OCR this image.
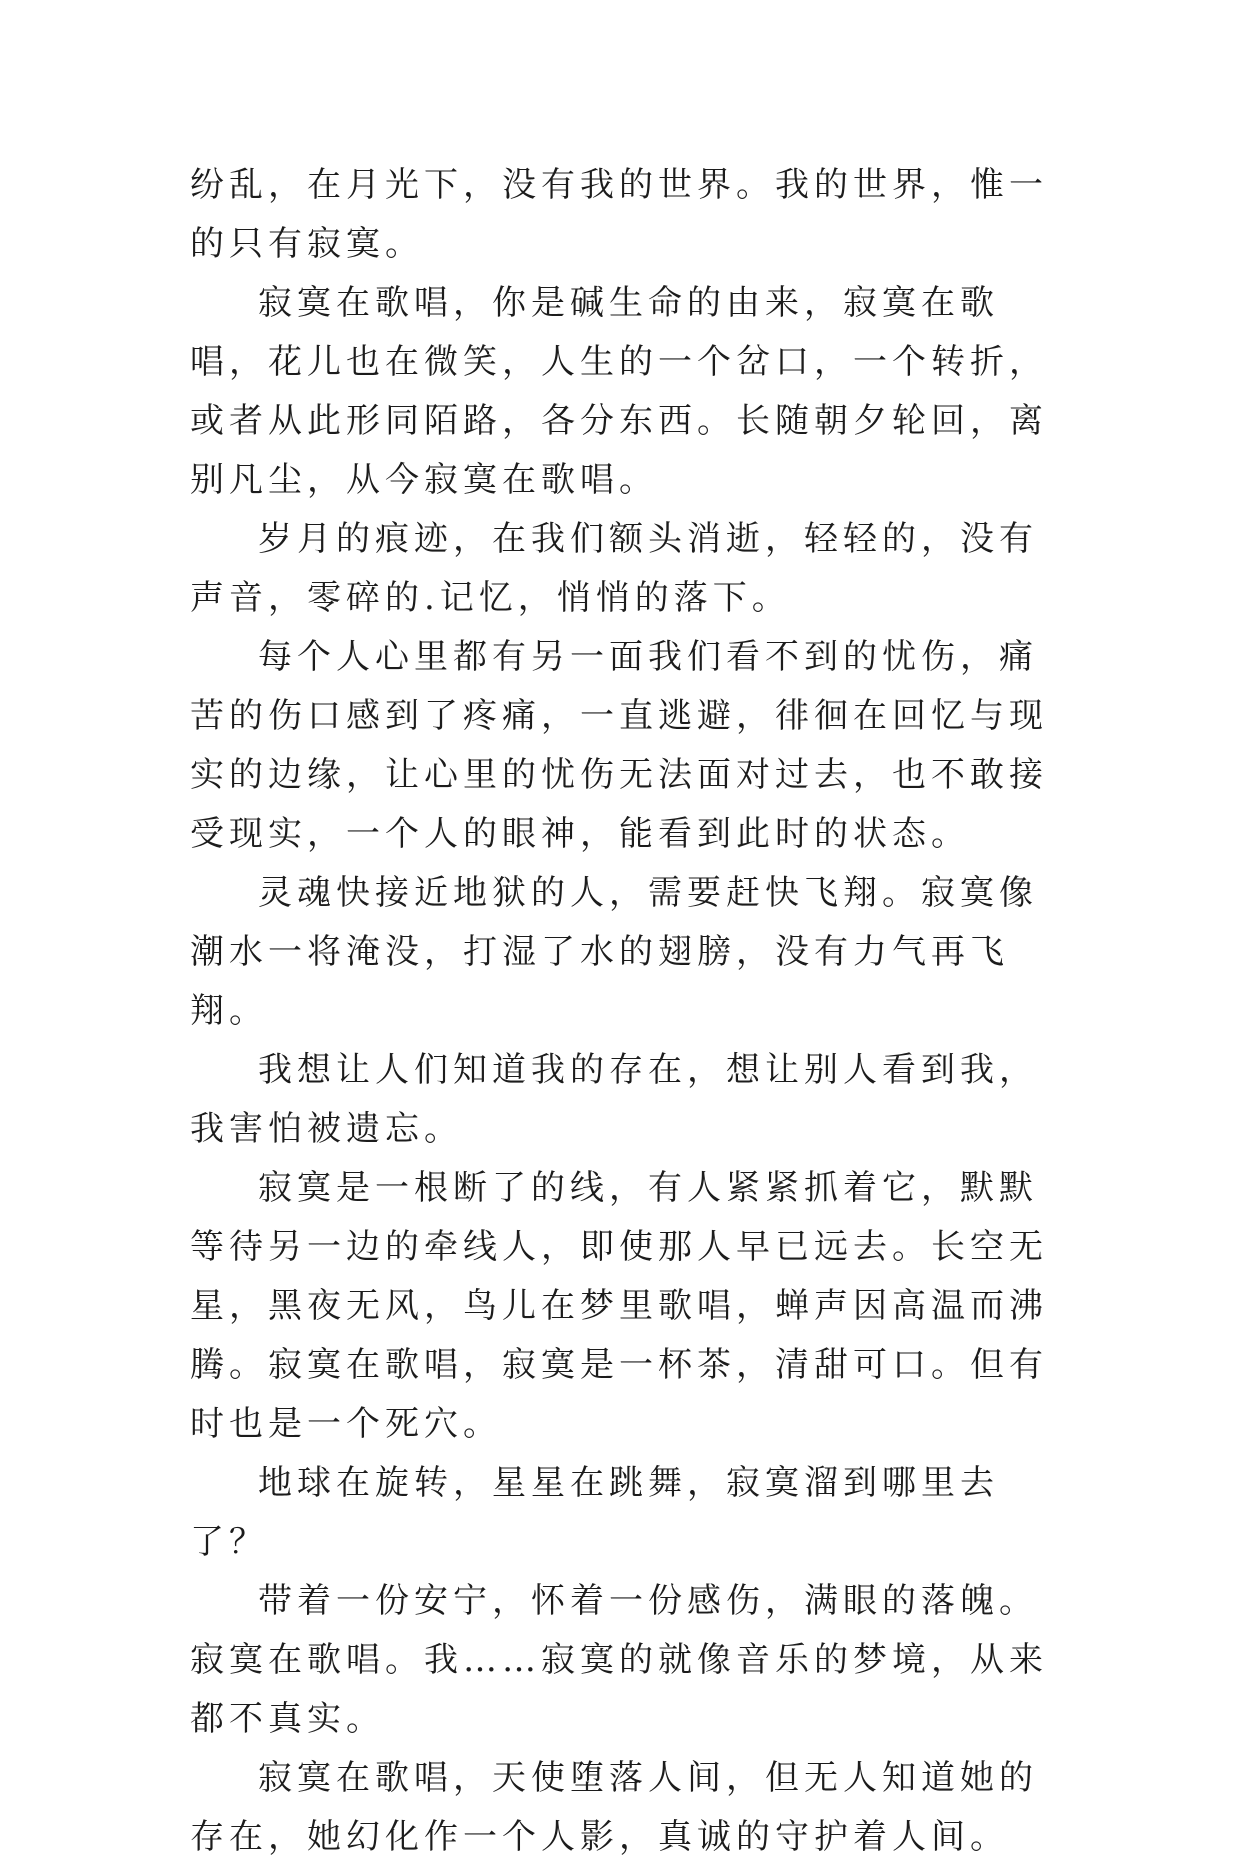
纷乱，在月光下，没有我的世界。我的世界，惟一的只有寂寞。

寂寞在歌唱，你是碱生命的由来，寂寞在歌唱，花儿也在微笑，人生的一个岔口，一个转折，或者从此形同陌路，各分东西。长随朝夕轮回，离别凡尘，从今寂寞在歌唱。

岁月的痕迹，在我们额头消逝，轻轻的，没有声音，零碎的.记忆，悄悄的落下。

每个人心里都有另一面我们看不到的忧伤，痛苦的伤口感到了疼痛，一直逃避，徘徊在回忆与现实的边缘，让心里的忧伤无法面对过去，也不敢接受现实，一个人的眼神，能看到此时的状态。

灵魂快接近地狱的人，需要赶快飞翔。寂寞像潮水一将淹没，打湿了水的翅膀，没有力气再飞翔。

我想让人们知道我的存在，想让别人看到我，我害怕被遗忘。

寂寞是一根断了的线，有人紧紧抓着它，默默等待另一边的牵线人，即使那人早已远去。长空无星，黑夜无风，鸟儿在梦里歌唱，蝉声因高温而沸腾。寂寞在歌唱，寂寞是一杯茶，清甜可口。但有时也是一个死穴。

地球在旋转，星星在跳舞，寂寞溜到哪里去了？

带着一份安宁，怀着一份感伤，满眼的落魄。寂寞在歌唱。我……寂寞的就像音乐的梦境，从来都不真实。

寂寞在歌唱，天使堕落人间，但无人知道她的存在，她幻化作一个人影，真诚的守护着人间。
